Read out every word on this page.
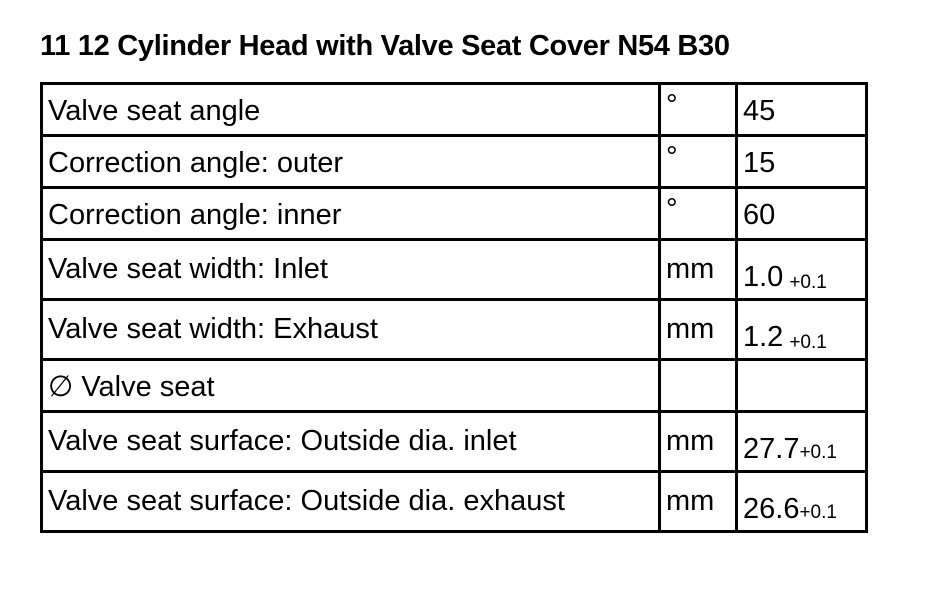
11 12 Cylinder Head with Valve Seat Cover N54 B30
Valve seat angle	°	45
Correction angle: outer	°	15
Correction angle: inner	°	60
Valve seat width: Inlet	mm	1.0 $^{+0.1}$
Valve seat width: Exhaust	mm	1.2 $^{+0.1}$
∅ Valve seat		
Valve seat surface: Outside dia. inlet	mm	$27.7^{+0.1}$
Valve seat surface: Outside dia. exhaust	mm	$26.6^{+0.1}$
